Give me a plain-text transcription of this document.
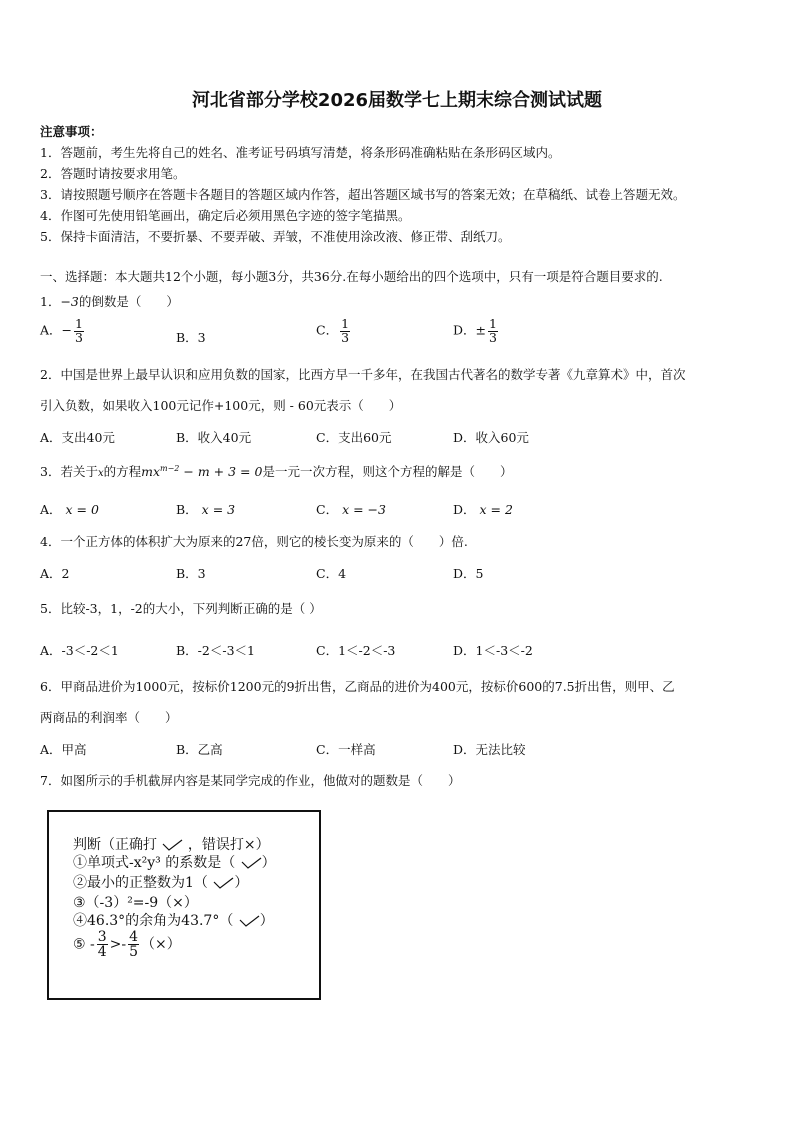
河北省部分学校2026届数学七上期末综合测试试题
注意事项：
1．答题前，考生先将自己的姓名、准考证号码填写清楚，将条形码准确粘贴在条形码区域内。
2．答题时请按要求用笔。
3．请按照题号顺序在答题卡各题目的答题区域内作答，超出答题区域书写的答案无效；在草稿纸、试卷上答题无效。
4．作图可先使用铅笔画出，确定后必须用黑色字迹的签字笔描黑。
5．保持卡面清洁，不要折暴、不要弄破、弄皱，不准使用涂改液、修正带、刮纸刀。
一、选择题：本大题共12个小题，每小题3分，共36分.在每小题给出的四个选项中，只有一项是符合题目要求的.
1．−3的倒数是（　　）
A．− $\frac{1}{3}$	B．3	C． $\frac{1}{3}$	D．± $\frac{1}{3}$
2．中国是世界上最早认识和应用负数的国家，比西方早一千多年，在我国古代著名的数学专著《九章算术》中，首次
引入负数，如果收入100元记作+100元，则 - 60元表示（　　）
A．支出40元	B．收入40元	C．支出60元	D．收入60元
3．若关于x的方程$mx^{m-2} - m + 3 = 0$是一元一次方程，则这个方程的解是（　　）
A． x = 0	B． x = 3	C． x = −3	D． x = 2
4．一个正方体的体积扩大为原来的27倍，则它的棱长变为原来的（　　）倍.
A．2	B．3	C．4	D．5
5．比较-3，1，-2的大小，下列判断正确的是（ ）
A．-3＜-2＜1	B．-2＜-3＜1	C．1＜-2＜-3	D．1＜-3＜-2
6．甲商品进价为1000元，按标价1200元的9折出售，乙商品的进价为400元，按标价600的7.5折出售，则甲、乙
两商品的利润率（　　）
A．甲高	B．乙高	C．一样高	D．无法比较
7．如图所示的手机截屏内容是某同学完成的作业，他做对的题数是（　　）
判断（正确打 ，错误打×）
①单项式-x²y³ 的系数是（ ）
②最小的正整数为1（ ）
③（-3）²=-9（×）
④46.3°的余角为43.7°（ ）
⑤ - $\frac{3}{4} >- \frac{4}{5}$ （×）
